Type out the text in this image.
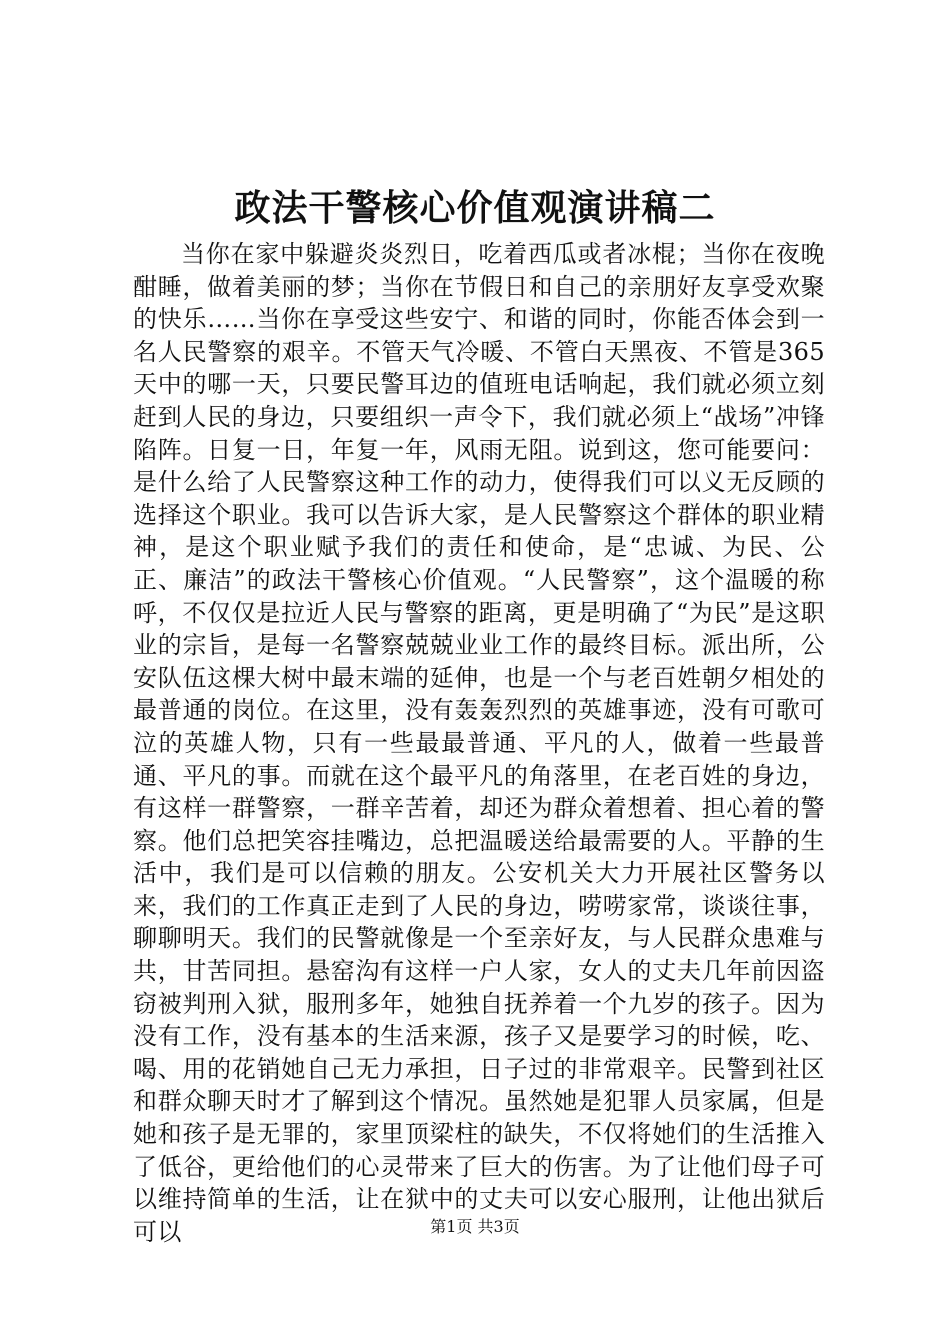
政法干警核心价值观演讲稿二

当你在家中躲避炎炎烈日，吃着西瓜或者冰棍；当你在夜晚酣睡，做着美丽的梦；当你在节假日和自己的亲朋好友享受欢聚的快乐……当你在享受这些安宁、和谐的同时，你能否体会到一名人民警察的艰辛。不管天气冷暖、不管白天黑夜、不管是365天中的哪一天，只要民警耳边的值班电话响起，我们就必须立刻赶到人民的身边，只要组织一声令下，我们就必须上“战场”冲锋陷阵。日复一日，年复一年，风雨无阻。说到这，您可能要问：是什么给了人民警察这种工作的动力，使得我们可以义无反顾的选择这个职业。我可以告诉大家，是人民警察这个群体的职业精神，是这个职业赋予我们的责任和使命，是“忠诚、为民、公正、廉洁”的政法干警核心价值观。“人民警察”，这个温暖的称呼，不仅仅是拉近人民与警察的距离，更是明确了“为民”是这职业的宗旨，是每一名警察兢兢业业工作的最终目标。派出所，公安队伍这棵大树中最末端的延伸，也是一个与老百姓朝夕相处的最普通的岗位。在这里，没有轰轰烈烈的英雄事迹，没有可歌可泣的英雄人物，只有一些最最普通、平凡的人，做着一些最普通、平凡的事。而就在这个最平凡的角落里，在老百姓的身边，有这样一群警察，一群辛苦着，却还为群众着想着、担心着的警察。他们总把笑容挂嘴边，总把温暖送给最需要的人。平静的生活中，我们是可以信赖的朋友。公安机关大力开展社区警务以来，我们的工作真正走到了人民的身边，唠唠家常，谈谈往事，聊聊明天。我们的民警就像是一个至亲好友，与人民群众患难与共，甘苦同担。悬窑沟有这样一户人家，女人的丈夫几年前因盗窃被判刑入狱，服刑多年，她独自抚养着一个九岁的孩子。因为没有工作，没有基本的生活来源，孩子又是要学习的时候，吃、喝、用的花销她自己无力承担，日子过的非常艰辛。民警到社区和群众聊天时才了解到这个情况。虽然她是犯罪人员家属，但是她和孩子是无罪的，家里顶梁柱的缺失，不仅将她们的生活推入了低谷，更给他们的心灵带来了巨大的伤害。为了让他们母子可以维持简单的生活，让在狱中的丈夫可以安心服刑，让他出狱后可以	第1页 共3页
